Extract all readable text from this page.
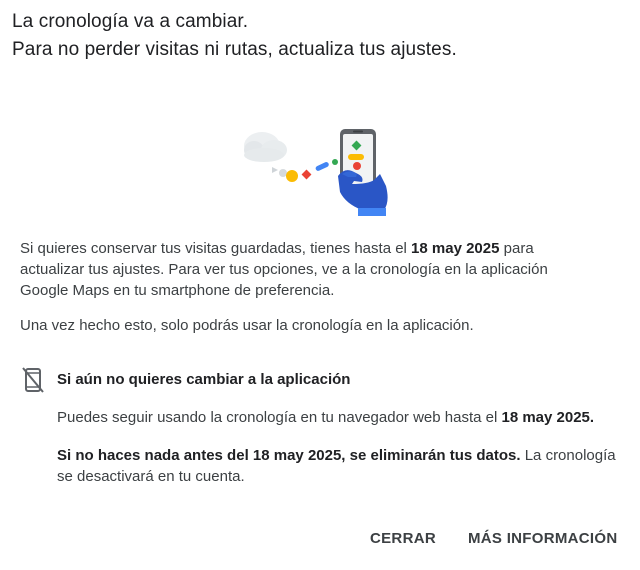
La cronología va a cambiar.
Para no perder visitas ni rutas, actualiza tus ajustes.
Si quieres conservar tus visitas guardadas, tienes hasta el 18 may 2025 para actualizar tus ajustes. Para ver tus opciones, ve a la cronología en la aplicación Google Maps en tu smartphone de preferencia.
Una vez hecho esto, solo podrás usar la cronología en la aplicación.
Si aún no quieres cambiar a la aplicación
Puedes seguir usando la cronología en tu navegador web hasta el 18 may 2025.
Si no haces nada antes del 18 may 2025, se eliminarán tus datos. La cronología se desactivará en tu cuenta.
CERRAR MÁS INFORMACIÓN
